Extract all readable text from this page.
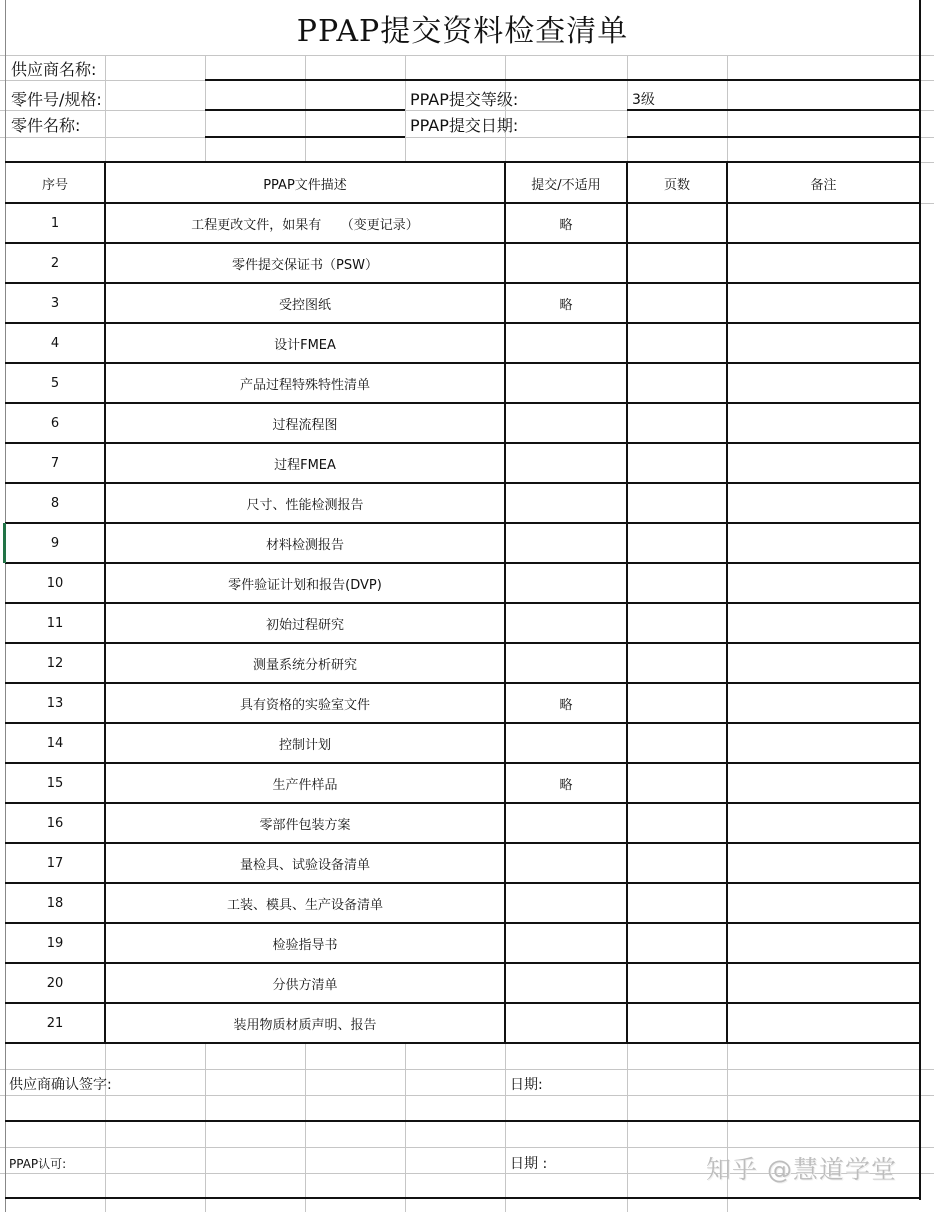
PPAP提交资料检查清单
供应商名称:
零件号/规格:
零件名称:
PPAP提交等级:	3级
PPAP提交日期:
序号	PPAP文件描述	提交/不适用	页数	备注
1	工程更改文件，如果有　　（变更记录）	略
2	零件提交保证书（PSW）
3	受控图纸	略
4	设计FMEA
5	产品过程特殊特性清单
6	过程流程图
7	过程FMEA
8	尺寸、性能检测报告
9	材料检测报告
10	零件验证计划和报告(DVP)
11	初始过程研究
12	测量系统分析研究
13	具有资格的实验室文件	略
14	控制计划
15	生产件样品	略
16	零部件包装方案
17	量检具、试验设备清单
18	工装、模具、生产设备清单
19	检验指导书
20	分供方清单
21	装用物质材质声明、报告
供应商确认签字:	日期:
PPAP认可:	日期 :	知乎 @慧道学堂
